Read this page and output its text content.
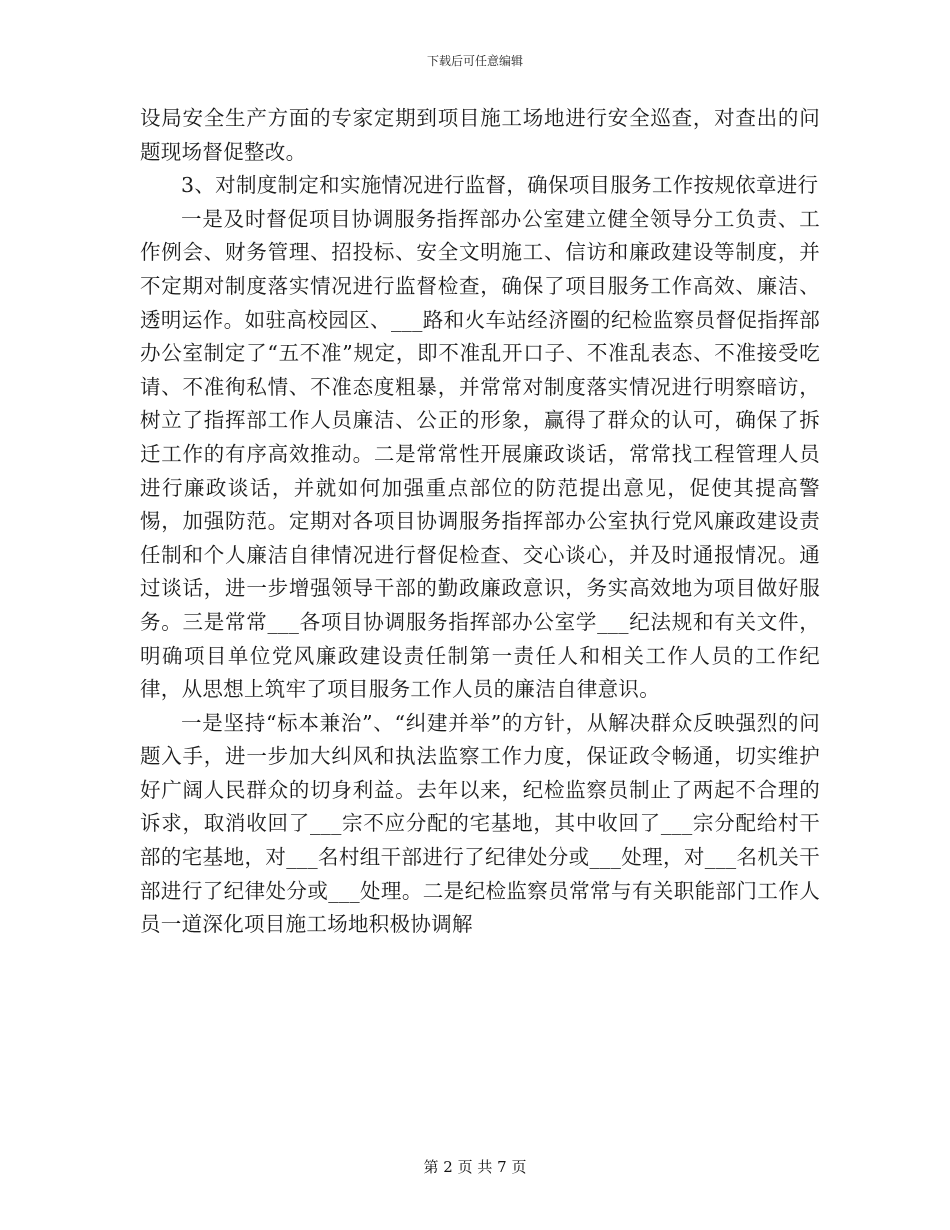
下载后可任意编辑

设局安全生产方面的专家定期到项目施工场地进行安全巡查，对查出的问题现场督促整改。

3、对制度制定和实施情况进行监督，确保项目服务工作按规依章进行

一是及时督促项目协调服务指挥部办公室建立健全领导分工负责、工作例会、财务管理、招投标、安全文明施工、信访和廉政建设等制度，并不定期对制度落实情况进行监督检查，确保了项目服务工作高效、廉洁、透明运作。如驻高校园区、___路和火车站经济圈的纪检监察员督促指挥部办公室制定了“五不准”规定，即不准乱开口子、不准乱表态、不准接受吃请、不准徇私情、不准态度粗暴，并常常对制度落实情况进行明察暗访，树立了指挥部工作人员廉洁、公正的形象，赢得了群众的认可，确保了拆迁工作的有序高效推动。二是常常性开展廉政谈话，常常找工程管理人员进行廉政谈话，并就如何加强重点部位的防范提出意见，促使其提高警惕，加强防范。定期对各项目协调服务指挥部办公室执行党风廉政建设责任制和个人廉洁自律情况进行督促检查、交心谈心，并及时通报情况。通过谈话，进一步增强领导干部的勤政廉政意识，务实高效地为项目做好服务。三是常常___各项目协调服务指挥部办公室学___纪法规和有关文件，明确项目单位党风廉政建设责任制第一责任人和相关工作人员的工作纪律，从思想上筑牢了项目服务工作人员的廉洁自律意识。

一是坚持“标本兼治”、“纠建并举”的方针，从解决群众反映强烈的问题入手，进一步加大纠风和执法监察工作力度，保证政令畅通，切实维护好广阔人民群众的切身利益。去年以来，纪检监察员制止了两起不合理的诉求，取消收回了___宗不应分配的宅基地，其中收回了___宗分配给村干部的宅基地，对___名村组干部进行了纪律处分或___处理，对___名机关干部进行了纪律处分或___处理。二是纪检监察员常常与有关职能部门工作人员一道深化项目施工场地积极协调解

第 2 页 共 7 页
